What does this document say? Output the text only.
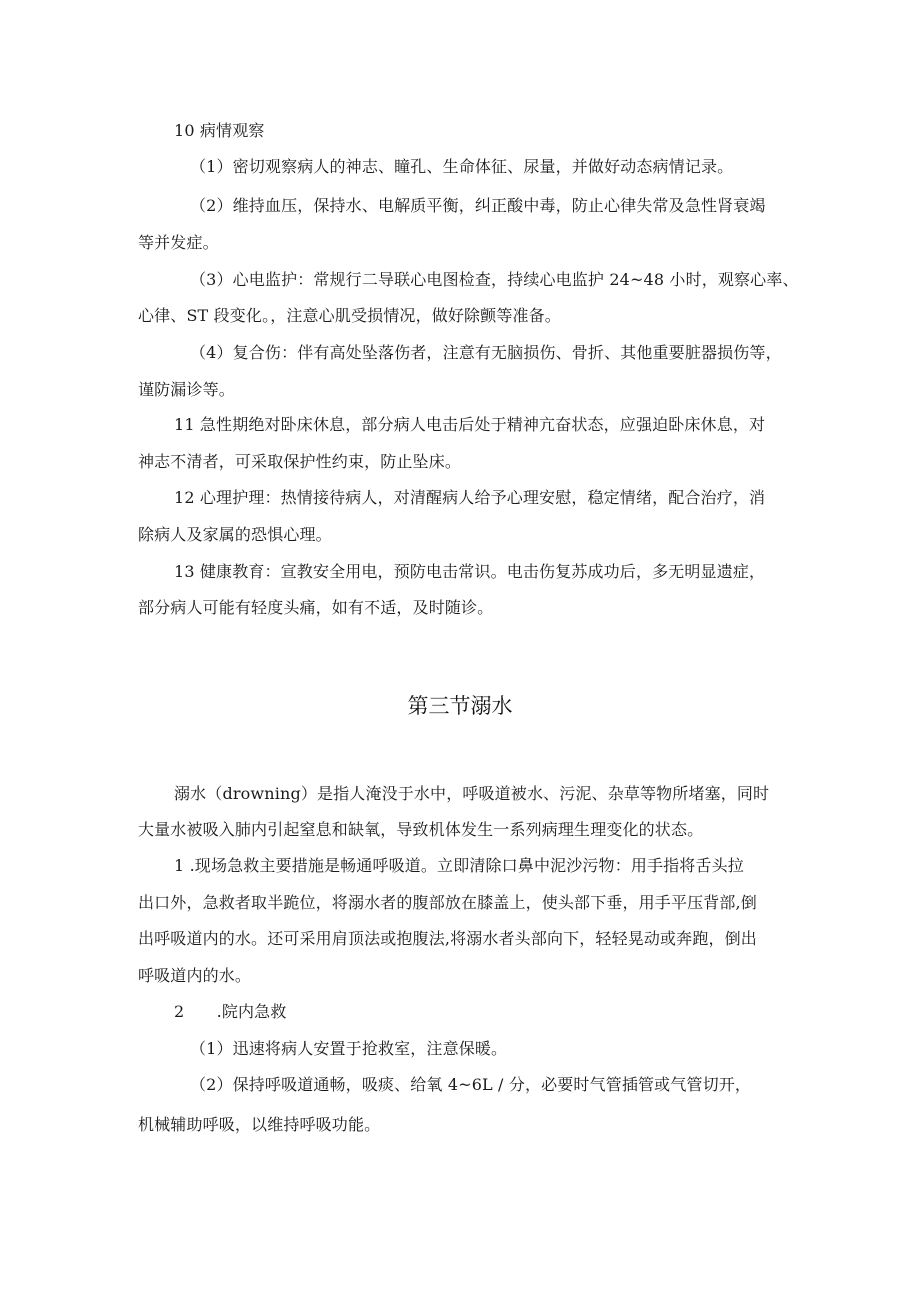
10 病情观察
（1）密切观察病人的神志、瞳孔、生命体征、尿量，并做好动态病情记录。
（2）维持血压，保持水、电解质平衡，纠正酸中毒，防止心律失常及急性肾衰竭
等并发症。
（3）心电监护：常规行二导联心电图检查，持续心电监护 24~48 小时，观察心率、
心律、ST 段变化。，注意心肌受损情况，做好除颤等准备。
（4）复合伤：伴有高处坠落伤者，注意有无脑损伤、骨折、其他重要脏器损伤等，
谨防漏诊等。
11 急性期绝对卧床休息，部分病人电击后处于精神亢奋状态，应强迫卧床休息，对
神志不清者，可采取保护性约束，防止坠床。
12 心理护理：热情接待病人，对清醒病人给予心理安慰，稳定情绪，配合治疗，消
除病人及家属的恐惧心理。
13 健康教育：宣教安全用电，预防电击常识。电击伤复苏成功后，多无明显遗症，
部分病人可能有轻度头痛，如有不适，及时随诊。
第三节溺水
溺水（drowning）是指人淹没于水中，呼吸道被水、污泥、杂草等物所堵塞，同时
大量水被吸入肺内引起窒息和缺氧，导致机体发生一系列病理生理变化的状态。
1 .现场急救主要措施是畅通呼吸道。立即清除口鼻中泥沙污物：用手指将舌头拉
出口外，急救者取半跪位，将溺水者的腹部放在膝盖上，使头部下垂，用手平压背部,倒
出呼吸道内的水。还可采用肩顶法或抱腹法,将溺水者头部向下，轻轻晃动或奔跑，倒出
呼吸道内的水。
2　　.院内急救
（1）迅速将病人安置于抢救室，注意保暖。
（2）保持呼吸道通畅，吸痰、给氧 4~6L / 分，必要时气管插管或气管切开，
机械辅助呼吸，以维持呼吸功能。
